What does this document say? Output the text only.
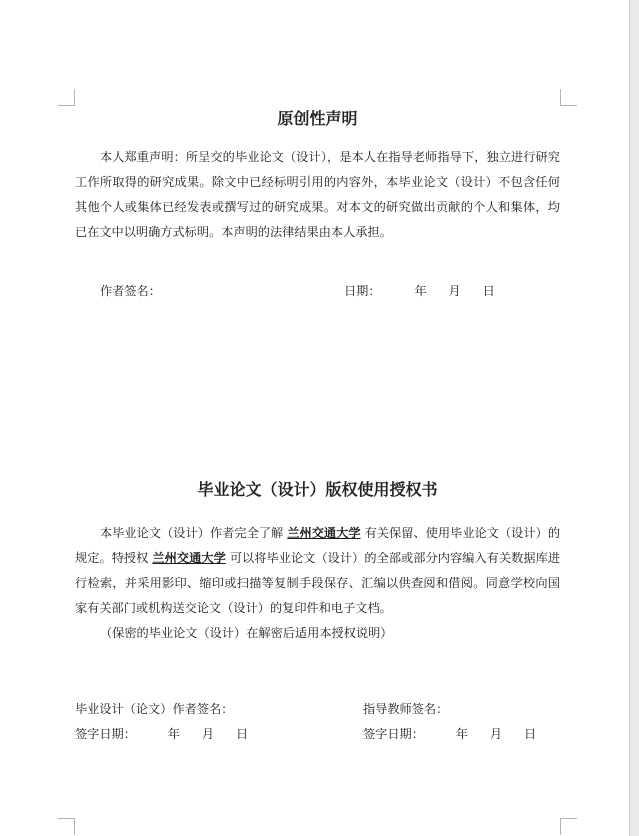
原创性声明
本人郑重声明：所呈交的毕业论文（设计），是本人在指导老师指导下，独立进行研究工作所取得的研究成果。除文中已经标明引用的内容外，本毕业论文（设计）不包含任何其他个人或集体已经发表或撰写过的研究成果。对本文的研究做出贡献的个人和集体，均已在文中以明确方式标明。本声明的法律结果由本人承担。
作者签名：	日期：	年 月 日
毕业论文（设计）版权使用授权书
本毕业论文（设计）作者完全了解 兰州交通大学 有关保留、使用毕业论文（设计）的规定。特授权 兰州交通大学 可以将毕业论文（设计）的全部或部分内容编入有关数据库进行检索，并采用影印、缩印或扫描等复制手段保存、汇编以供查阅和借阅。同意学校向国家有关部门或机构送交论文（设计）的复印件和电子文档。
（保密的毕业论文（设计）在解密后适用本授权说明）
毕业设计（论文）作者签名：	指导教师签名：
签字日期：	年 月 日	签字日期：	年 月 日
